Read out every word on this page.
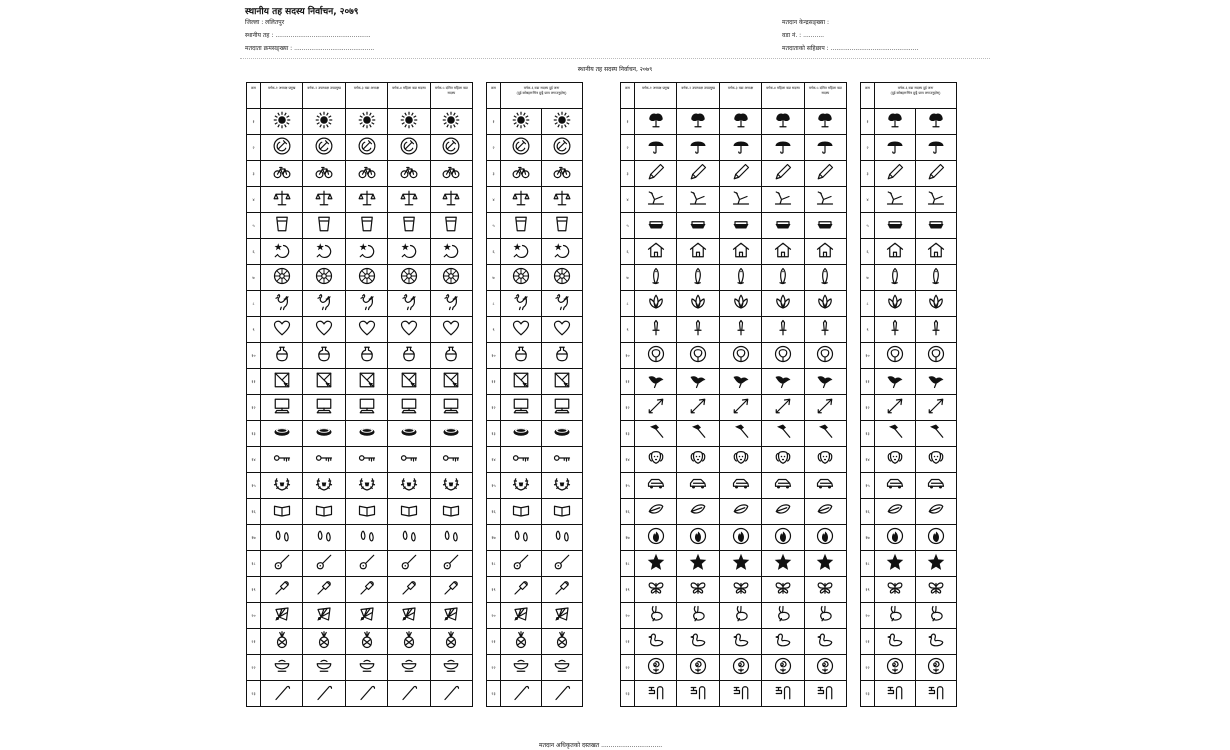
स्थानीय तह सदस्य निर्वाचन, २०७९
जिल्ला : ललितपुर
स्थानीय तह : ..................................................
मतदाता क्रमसङ्ख्या : ..........................................
मतदान केन्द्रसङ्ख्या :
वडा नं. : ...........
मतदाताको सहिछाप : ..............................................
स्थानीय तह सदस्य निर्वाचन, २०७९
क्रम	वर्गक-१ अध्यक्ष प्रमुख	वर्गक-२ उपाध्यक्ष उपप्रमुख	वर्गक-३ वडा अध्यक्ष	वर्गक-४ महिला वडा सदस्य	वर्गक-५ दलित महिला वडा सदस्य
१
२
३
४
५
६
७
८
९
१०
११
१२
१३
१४
१५
१६
१७
१८
१९
२०
२१
२२
२३
क्रम	वर्गक-६ वडा सदस्य दुई जना
(दुई कोष्ठहरूभित्र छुट्टै छाप लगाउनुहोस्)
१
२
३
४
५
६
७
८
९
१०
११
१२
१३
१४
१५
१६
१७
१८
१९
२०
२१
२२
२३
क्रम	वर्गक-१ अध्यक्ष प्रमुख	वर्गक-२ उपाध्यक्ष उपप्रमुख	वर्गक-३ वडा अध्यक्ष	वर्गक-४ महिला वडा सदस्य	वर्गक-५ दलित महिला वडा सदस्य
१
२
३
४
५
६
७
८
९
१०
११
१२
१३
१४
१५
१६
१७
१८
१९
२०
२१
२२
२३
क्रम	वर्गक-६ वडा सदस्य दुई जना
(दुई कोष्ठहरूभित्र छुट्टै छाप लगाउनुहोस्)
१
२
३
४
५
६
७
८
९
१०
११
१२
१३
१४
१५
१६
१७
१८
१९
२०
२१
२२
२३
मतदान अधिकृतको दस्तखत ................................
